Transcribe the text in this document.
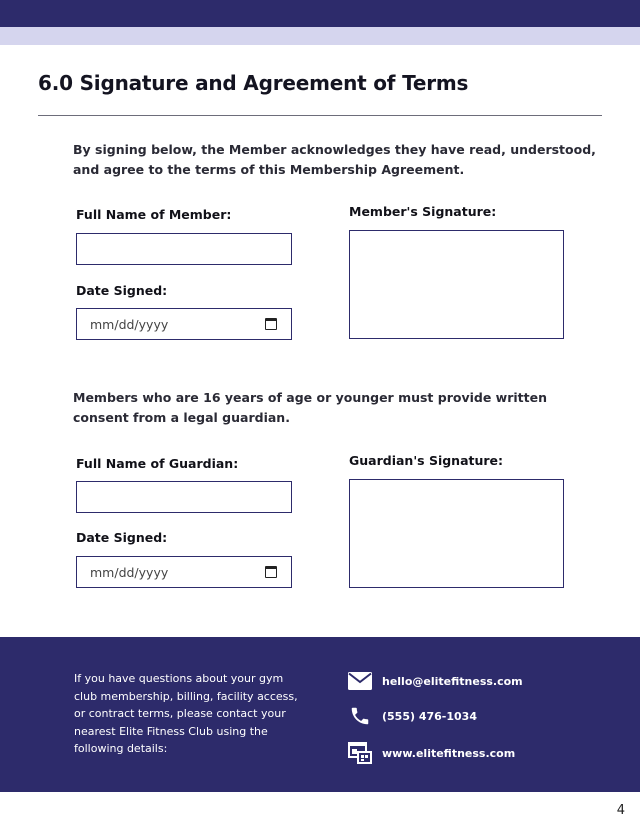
6.0 Signature and Agreement of Terms
By signing below, the Member acknowledges they have read, understood, and agree to the terms of this Membership Agreement.
Full Name of Member:
Date Signed:
mm/dd/yyyy
Member's Signature:
Members who are 16 years of age or younger must provide written consent from a legal guardian.
Full Name of Guardian:
Date Signed:
mm/dd/yyyy
Guardian's Signature:
If you have questions about your gym club membership, billing, facility access, or contract terms, please contact your nearest Elite Fitness Club using the following details:
hello@elitefitness.com
(555) 476-1034
www.elitefitness.com
4
